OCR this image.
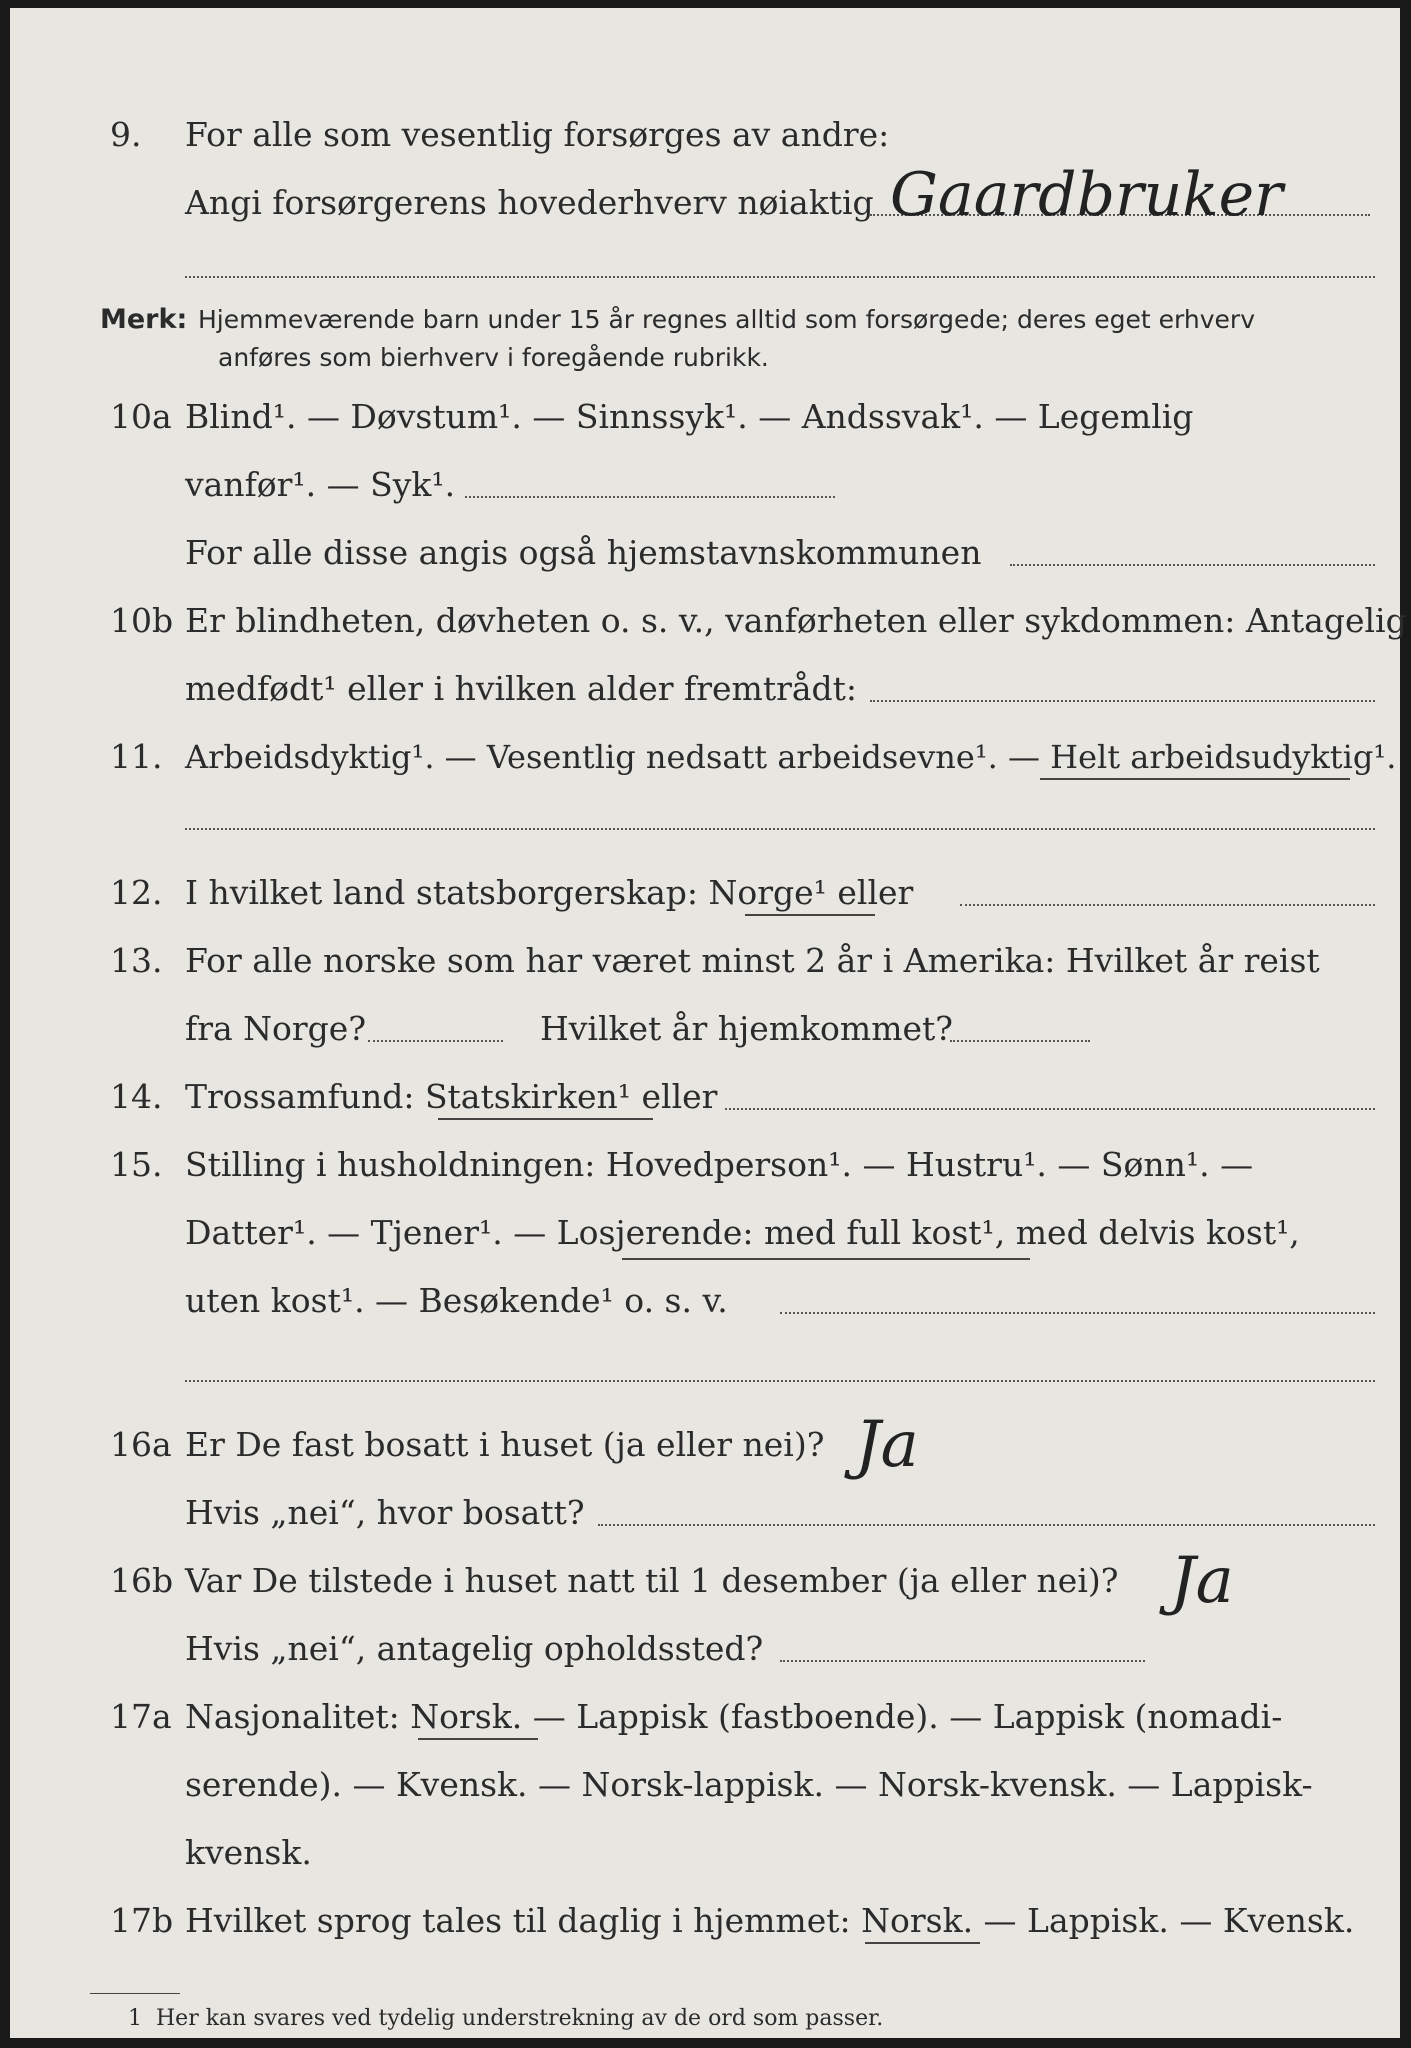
9. For alle som vesentlig forsørges av andre:
Angi forsørgerens hovederhverv nøiaktig Gaardbruker
Merk: Hjemmeværende barn under 15 år regnes alltid som forsørgede; deres eget erhverv
anføres som bierhverv i foregående rubrikk.
10a Blind¹. — Døvstum¹. — Sinnssyk¹. — Andssvak¹. — Legemlig
vanfør¹. — Syk¹.
For alle disse angis også hjemstavnskommunen
10b Er blindheten, døvheten o. s. v., vanførheten eller sykdommen: Antagelig
medfødt¹ eller i hvilken alder fremtrådt:
11. Arbeidsdyktig¹. — Vesentlig nedsatt arbeidsevne¹. — Helt arbeidsudyktig¹.
12. I hvilket land statsborgerskap: Norge¹ eller
13. For alle norske som har været minst 2 år i Amerika: Hvilket år reist
fra Norge?	Hvilket år hjemkommet?
14. Trossamfund: Statskirken¹ eller
15. Stilling i husholdningen: Hovedperson¹. — Hustru¹. — Sønn¹. —
Datter¹. — Tjener¹. — Losjerende: med full kost¹, med delvis kost¹,
uten kost¹. — Besøkende¹ o. s. v.
16a Er De fast bosatt i huset (ja eller nei)? Ja
Hvis „nei“, hvor bosatt?
16b Var De tilstede i huset natt til 1 desember (ja eller nei)? Ja
Hvis „nei“, antagelig opholdssted?
17a Nasjonalitet: Norsk. — Lappisk (fastboende). — Lappisk (nomadi-
serende). — Kvensk. — Norsk-lappisk. — Norsk-kvensk. — Lappisk-
kvensk.
17b Hvilket sprog tales til daglig i hjemmet: Norsk. — Lappisk. — Kvensk.
1 Her kan svares ved tydelig understrekning av de ord som passer.
